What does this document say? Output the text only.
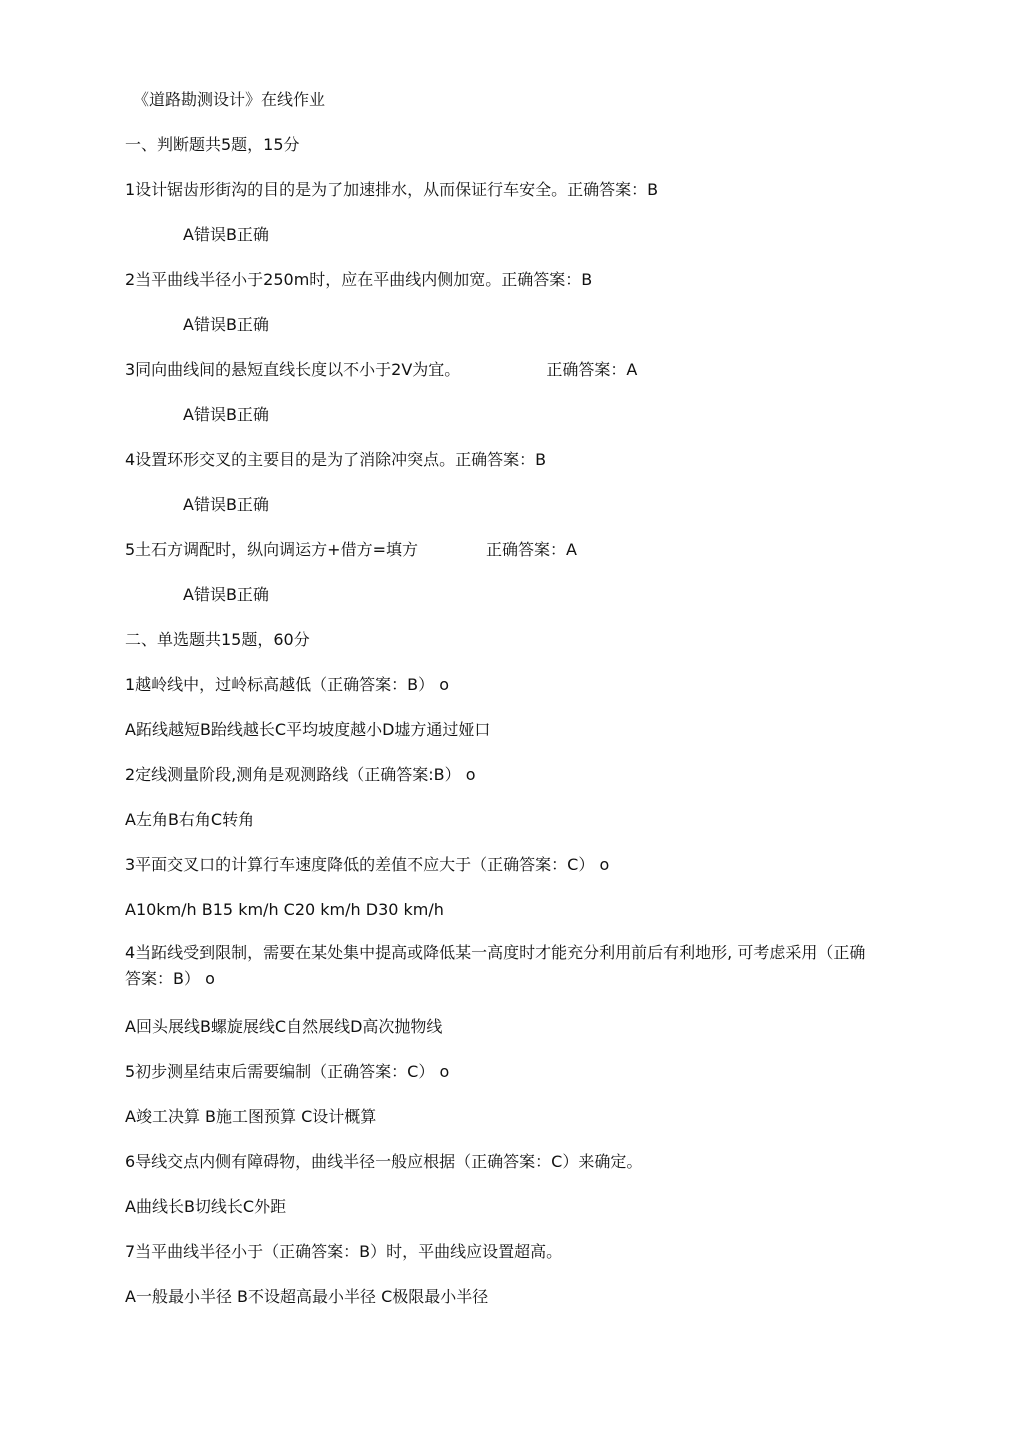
《道路勘测设计》在线作业

一、判断题共5题，15分

1设计锯齿形街沟的目的是为了加速排水，从而保证行车安全。正确答案：B

A错误B正确

2当平曲线半径小于250m时，应在平曲线内侧加宽。正确答案：B

A错误B正确

3同向曲线间的悬短直线长度以不小于2V为宜。	正确答案：A

A错误B正确

4设置环形交叉的主要目的是为了消除冲突点。正确答案：B

A错误B正确

5土石方调配时，纵向调运方+借方=填方	正确答案：A

A错误B正确

二、单选题共15题，60分

1越岭线中，过岭标高越低（正确答案：B） o

A跖线越短B跆线越长C平均坡度越小D墟方通过娅口

2定线测量阶段,测角是观测路线（正确答案:B） o

A左角B右角C转角

3平面交叉口的计算行车速度降低的差值不应大于（正确答案：C） o

A10km/h B15 km/h C20 km/h D30 km/h

4当跖线受到限制，需要在某处集中提高或降低某一高度时才能充分利用前后有利地形, 可考虑采用（正确答案：B） o

A回头展线B螺旋展线C自然展线D高次抛物线

5初步测星结束后需要编制（正确答案：C） o

A竣工决算 B施工图预算 C设计概算

6导线交点内侧有障碍物，曲线半径一般应根据（正确答案：C）来确定。

A曲线长B切线长C外距

7当平曲线半径小于（正确答案：B）时，平曲线应设置超高。

A一般最小半径 B不设超高最小半径 C极限最小半径
